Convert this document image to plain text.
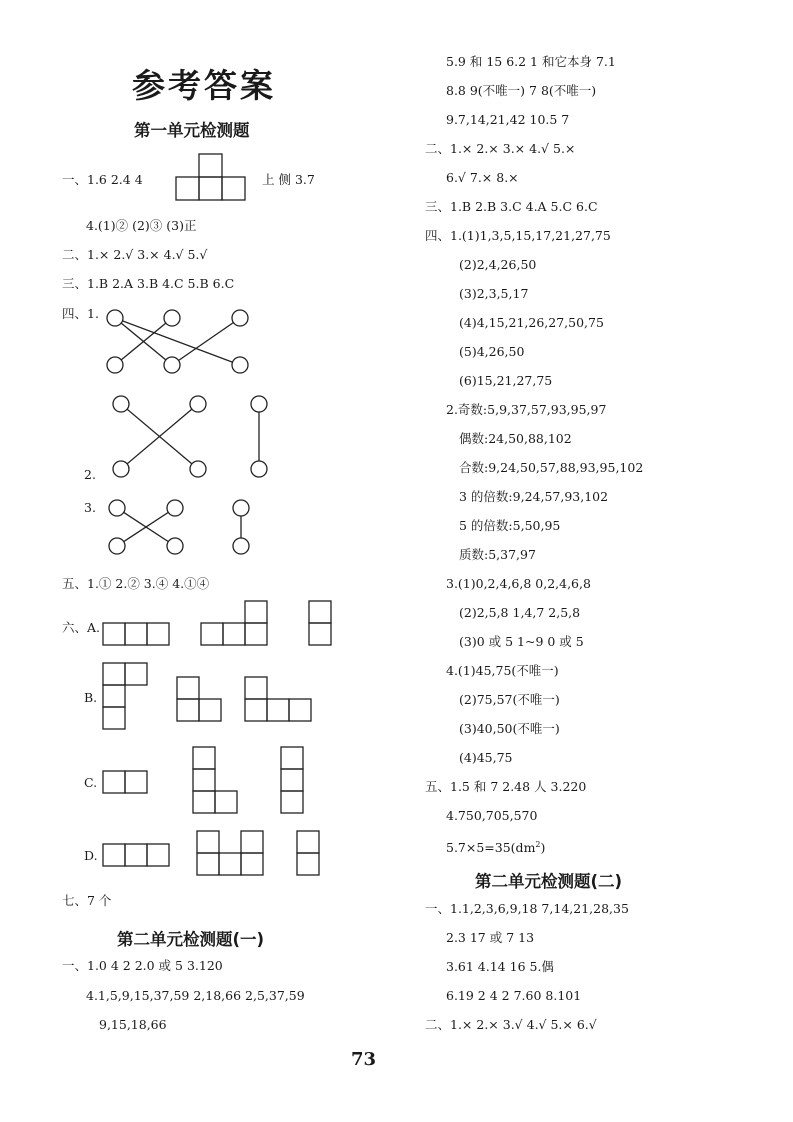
参考答案
73
第一单元检测题
一、1.6 2.4 4	上 侧 3.7
4.(1)② (2)③ (3)正
二、1.× 2.√ 3.× 4.√ 5.√
三、1.B 2.A 3.B 4.C 5.B 6.C
四、1.
2.
3.
五、1.① 2.② 3.④ 4.①④
六、A.
B.
C.
D.
七、7 个
第二单元检测题(一)
一、1.0 4 2 2.0 或 5 3.120
4.1,5,9,15,37,59 2,18,66 2,5,37,59
9,15,18,66
5.9 和 15 6.2 1 和它本身 7.1
8.8 9(不唯一) 7 8(不唯一)
9.7,14,21,42 10.5 7
二、1.× 2.× 3.× 4.√ 5.×
6.√ 7.× 8.×
三、1.B 2.B 3.C 4.A 5.C 6.C
四、1.(1)1,3,5,15,17,21,27,75
(2)2,4,26,50
(3)2,3,5,17
(4)4,15,21,26,27,50,75
(5)4,26,50
(6)15,21,27,75
2.奇数:5,9,37,57,93,95,97
偶数:24,50,88,102
合数:9,24,50,57,88,93,95,102
3 的倍数:9,24,57,93,102
5 的倍数:5,50,95
质数:5,37,97
3.(1)0,2,4,6,8 0,2,4,6,8
(2)2,5,8 1,4,7 2,5,8
(3)0 或 5 1~9 0 或 5
4.(1)45,75(不唯一)
(2)75,57(不唯一)
(3)40,50(不唯一)
(4)45,75
五、1.5 和 7 2.48 人 3.220
4.750,705,570
$5.7\times 5=35(dm^2)$
第二单元检测题(二)
一、1.1,2,3,6,9,18 7,14,21,28,35
2.3 17 或 7 13
3.61 4.14 16 5.偶
6.19 2 4 2 7.60 8.101
二、1.× 2.× 3.√ 4.√ 5.× 6.√
